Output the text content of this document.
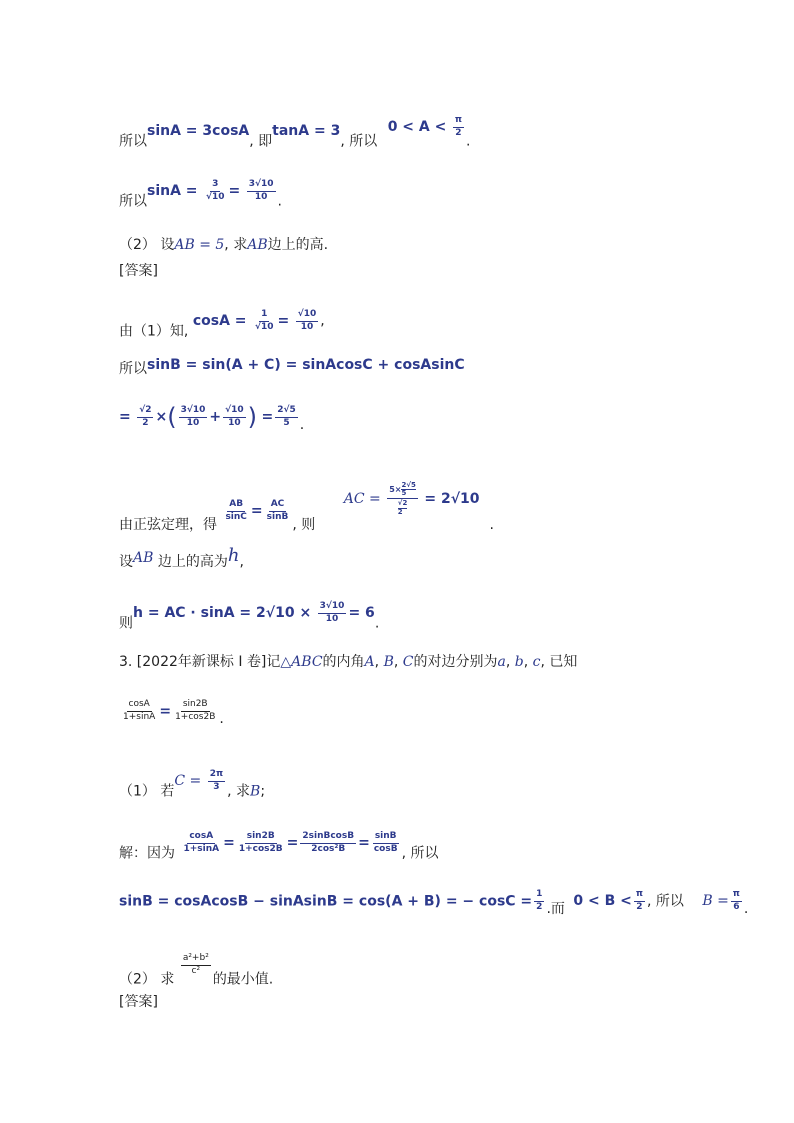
所以sinA = 3cosA, 即tanA = 3, 所以 $0 < A < \frac{\pi}{2}$
.
所以$\sin A = \frac{3}{√10} = \frac{3√10}{10}$ .
（2） 设AB = 5, 求AB边上的高.
[答案]
由（1）知, $\cos A = \frac{1}{√10} = \frac{√10}{10}$ ,
所以sinB = sin(A + C) = sinAcosC + cosAsinC
= $\frac{√2}{2}$ ×( $\frac{3√10}{10} + \frac{√10}{10}$ ) = $\frac{2√5}{5}$ .
由正弦定理，得
$\frac{AB}{\sin C} = \frac{AC}{\sin B}$
, 则 AC = $5\times \frac{2√5}{5}$
√2
2 = 2√10.
设AB 边上的高为h,
则h = AC · $\sin A = 2√10 \times \frac{3√10}{10} = 6$.
3. [2022年新课标 I 卷]记△ABC的内角A, B, C的对边分别为a, b, c, 已知
$\frac{\cos A}{1+\sin A} = \frac{\sin 2B}{1+\cos 2B}$ .
（1） 若$C = \frac{2\pi}{3}$ , 求B;
解：因为 $\frac{\cos A}{1+\sin A} = \frac{\sin 2B}{1+\cos 2B} = \frac{\text{2sinBcosB}}{\text{2cos²B}} = \frac{\sin B}{\cos B}$ , 所以
sinB = cosAcosB − sinAsinB = cos(A + B) = − $\cos C = \frac{1}{2}$ .而 $0 < B < \frac{\pi}{2}$ , 所以 $B = \frac{\pi}{6}$ .
（2） 求
$\frac{\text{a²+b²}}{\text{c²}}$
的最小值.
[答案]
